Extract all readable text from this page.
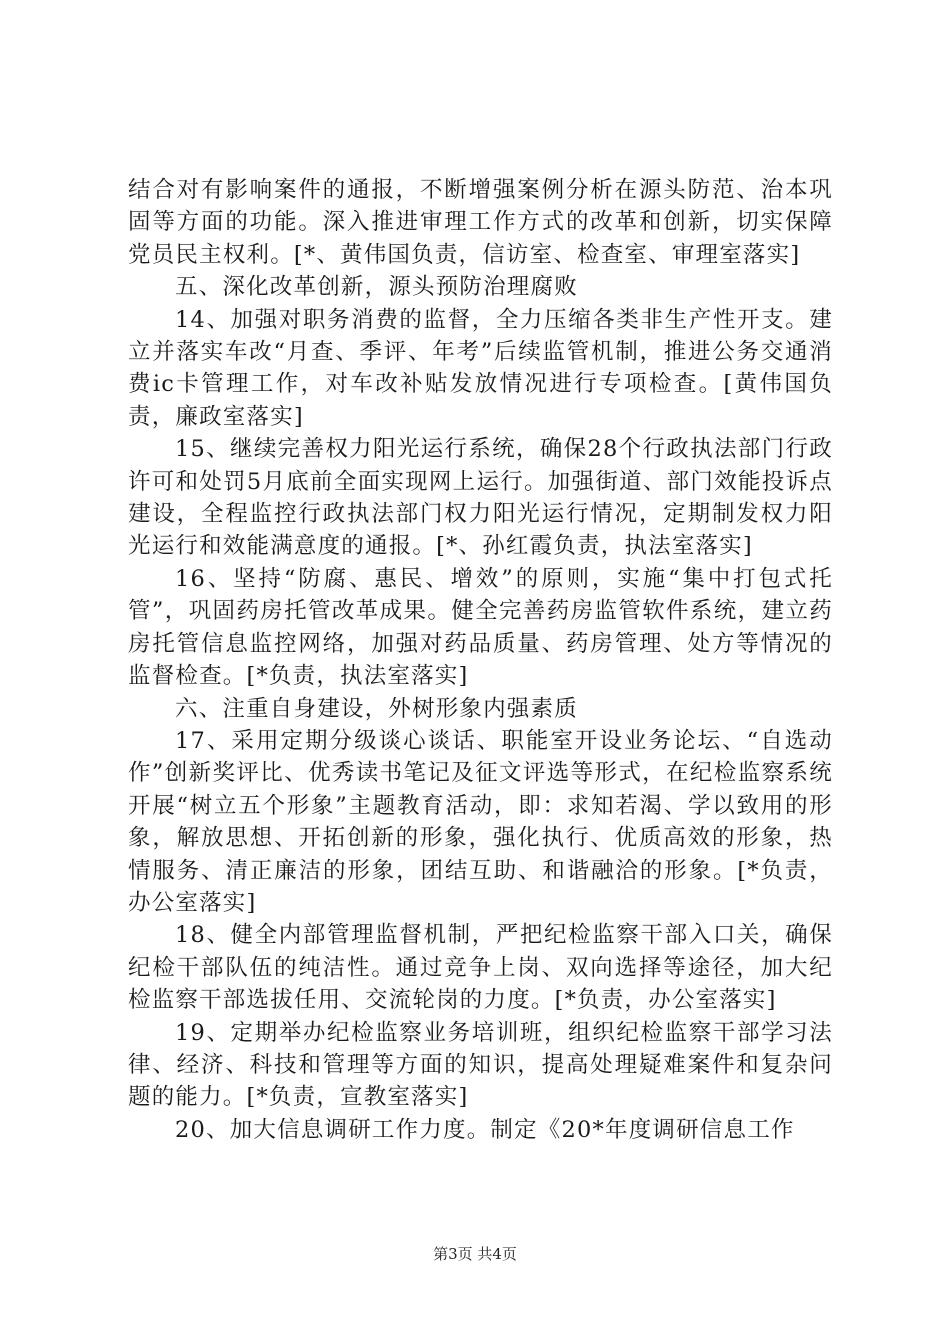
结合对有影响案件的通报，不断增强案例分析在源头防范、治本巩固等方面的功能。深入推进审理工作方式的改革和创新，切实保障党员民主权利。[*、黄伟国负责，信访室、检查室、审理室落实]

五、深化改革创新，源头预防治理腐败

14、加强对职务消费的监督，全力压缩各类非生产性开支。建立并落实车改“月查、季评、年考”后续监管机制，推进公务交通消费ic卡管理工作，对车改补贴发放情况进行专项检查。[黄伟国负责，廉政室落实]

15、继续完善权力阳光运行系统，确保28个行政执法部门行政许可和处罚5月底前全面实现网上运行。加强街道、部门效能投诉点建设，全程监控行政执法部门权力阳光运行情况，定期制发权力阳光运行和效能满意度的通报。[*、孙红霞负责，执法室落实]

16、坚持“防腐、惠民、增效”的原则，实施“集中打包式托管”，巩固药房托管改革成果。健全完善药房监管软件系统，建立药房托管信息监控网络，加强对药品质量、药房管理、处方等情况的监督检查。[*负责，执法室落实]

六、注重自身建设，外树形象内强素质

17、采用定期分级谈心谈话、职能室开设业务论坛、“自选动作”创新奖评比、优秀读书笔记及征文评选等形式，在纪检监察系统开展“树立五个形象”主题教育活动，即：求知若渴、学以致用的形象，解放思想、开拓创新的形象，强化执行、优质高效的形象，热情服务、清正廉洁的形象，团结互助、和谐融洽的形象。[*负责，办公室落实]

18、健全内部管理监督机制，严把纪检监察干部入口关，确保纪检干部队伍的纯洁性。通过竞争上岗、双向选择等途径，加大纪检监察干部选拔任用、交流轮岗的力度。[*负责，办公室落实]

19、定期举办纪检监察业务培训班，组织纪检监察干部学习法律、经济、科技和管理等方面的知识，提高处理疑难案件和复杂问题的能力。[*负责，宣教室落实]

20、加大信息调研工作力度。制定《20*年度调研信息工作

第3页 共4页
